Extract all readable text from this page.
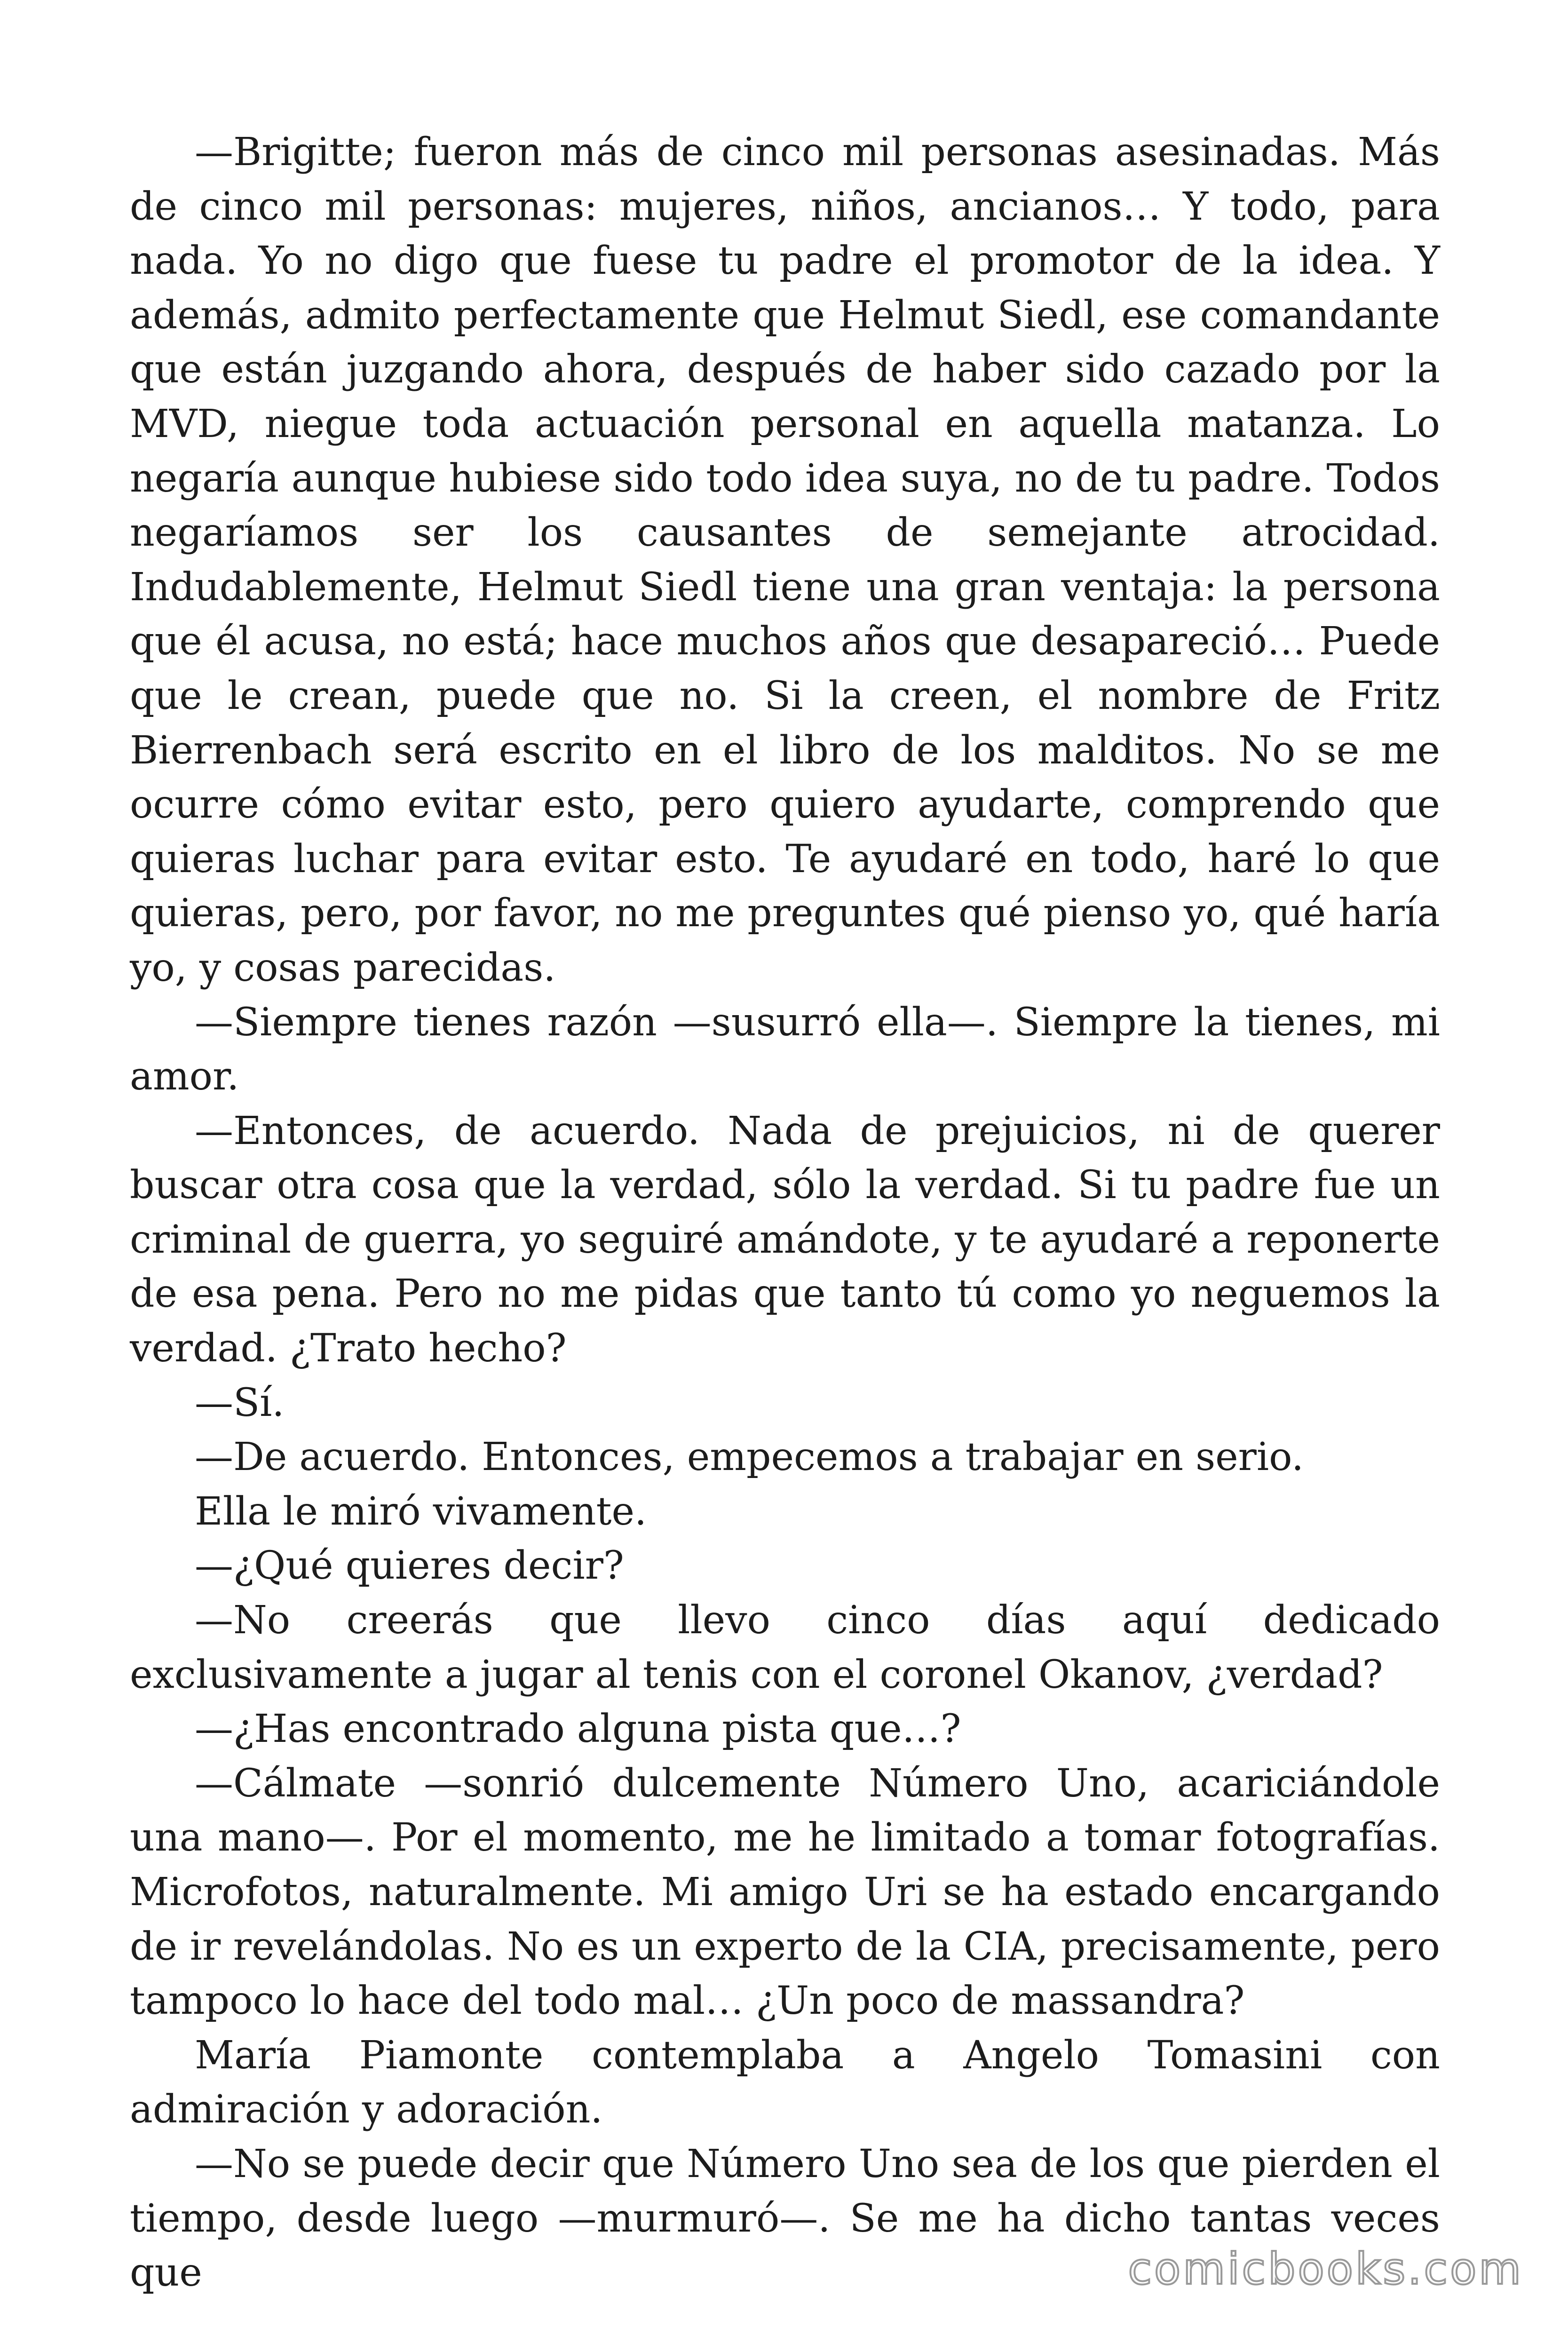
—Brigitte; fueron más de cinco mil personas asesinadas. Más de cinco mil personas: mujeres, niños, ancianos… Y todo, para nada. Yo no digo que fuese tu padre el promotor de la idea. Y además, admito perfectamente que Helmut Siedl, ese comandante que están juzgando ahora, después de haber sido cazado por la MVD, niegue toda actuación personal en aquella matanza. Lo negaría aunque hubiese sido todo idea suya, no de tu padre. Todos negaríamos ser los causantes de semejante atrocidad. Indudablemente, Helmut Siedl tiene una gran ventaja: la persona que él acusa, no está; hace muchos años que desapareció… Puede que le crean, puede que no. Si la creen, el nombre de Fritz Bierrenbach será escrito en el libro de los malditos. No se me ocurre cómo evitar esto, pero quiero ayudarte, comprendo que quieras luchar para evitar esto. Te ayudaré en todo, haré lo que quieras, pero, por favor, no me preguntes qué pienso yo, qué haría yo, y cosas parecidas.

—Siempre tienes razón —susurró ella—. Siempre la tienes, mi amor.

—Entonces, de acuerdo. Nada de prejuicios, ni de querer buscar otra cosa que la verdad, sólo la verdad. Si tu padre fue un criminal de guerra, yo seguiré amándote, y te ayudaré a reponerte de esa pena. Pero no me pidas que tanto tú como yo neguemos la verdad. ¿Trato hecho?

—Sí.

—De acuerdo. Entonces, empecemos a trabajar en serio.

Ella le miró vivamente.

—¿Qué quieres decir?

—No creerás que llevo cinco días aquí dedicado exclusivamente a jugar al tenis con el coronel Okanov, ¿verdad?

—¿Has encontrado alguna pista que…?

—Cálmate —sonrió dulcemente Número Uno, acariciándole una mano—. Por el momento, me he limitado a tomar fotografías. Microfotos, naturalmente. Mi amigo Uri se ha estado encargando de ir revelándolas. No es un experto de la CIA, precisamente, pero tampoco lo hace del todo mal… ¿Un poco de massandra?

María Piamonte contemplaba a Angelo Tomasini con admiración y adoración.

—No se puede decir que Número Uno sea de los que pierden el tiempo, desde luego —murmuró—. Se me ha dicho tantas veces que	comicbooks.com
